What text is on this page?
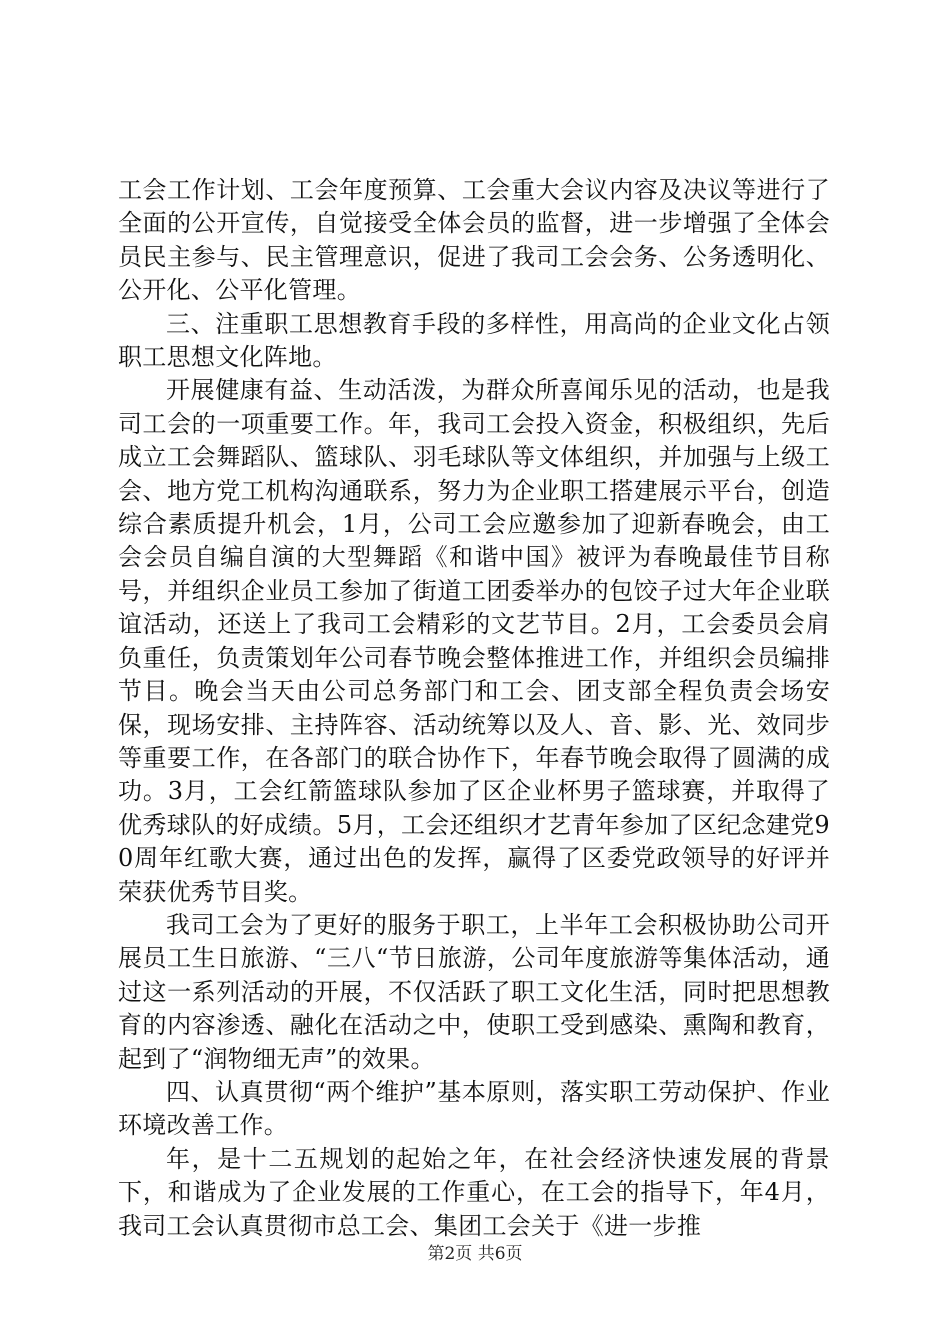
工会工作计划、工会年度预算、工会重大会议内容及决议等进行了全面的公开宣传，自觉接受全体会员的监督，进一步增强了全体会员民主参与、民主管理意识，促进了我司工会会务、公务透明化、公开化、公平化管理。
三、注重职工思想教育手段的多样性，用高尚的企业文化占领职工思想文化阵地。
开展健康有益、生动活泼，为群众所喜闻乐见的活动，也是我司工会的一项重要工作。年，我司工会投入资金，积极组织，先后成立工会舞蹈队、篮球队、羽毛球队等文体组织，并加强与上级工会、地方党工机构沟通联系，努力为企业职工搭建展示平台，创造综合素质提升机会，1月，公司工会应邀参加了迎新春晚会，由工会会员自编自演的大型舞蹈《和谐中国》被评为春晚最佳节目称号，并组织企业员工参加了街道工团委举办的包饺子过大年企业联谊活动，还送上了我司工会精彩的文艺节目。2月，工会委员会肩负重任，负责策划年公司春节晚会整体推进工作，并组织会员编排节目。晚会当天由公司总务部门和工会、团支部全程负责会场安保，现场安排、主持阵容、活动统筹以及人、音、影、光、效同步等重要工作，在各部门的联合协作下，年春节晚会取得了圆满的成功。3月，工会红箭篮球队参加了区企业杯男子篮球赛，并取得了优秀球队的好成绩。5月，工会还组织才艺青年参加了区纪念建党90周年红歌大赛，通过出色的发挥，赢得了区委党政领导的好评并荣获优秀节目奖。
我司工会为了更好的服务于职工，上半年工会积极协助公司开展员工生日旅游、“三八“节日旅游，公司年度旅游等集体活动，通过这一系列活动的开展，不仅活跃了职工文化生活，同时把思想教育的内容渗透、融化在活动之中，使职工受到感染、熏陶和教育，起到了“润物细无声”的效果。
四、认真贯彻“两个维护”基本原则，落实职工劳动保护、作业环境改善工作。
年，是十二五规划的起始之年，在社会经济快速发展的背景下，和谐成为了企业发展的工作重心，在工会的指导下，年4月，我司工会认真贯彻市总工会、集团工会关于《进一步推
第2页 共6页
